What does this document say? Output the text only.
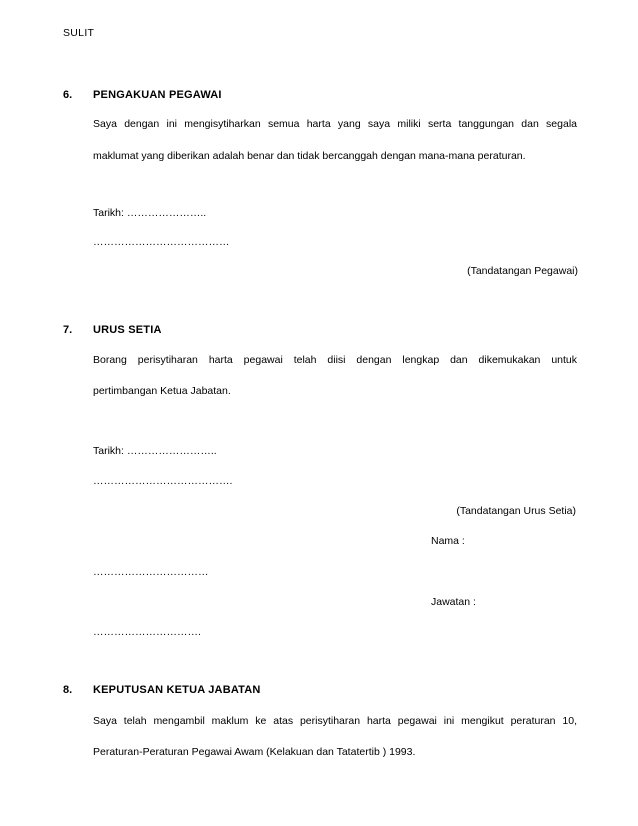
SULIT
6. PENGAKUAN PEGAWAI
Saya dengan ini mengisytiharkan semua harta yang saya miliki serta tanggungan dan segala
maklumat yang diberikan adalah benar dan tidak bercanggah dengan mana-mana peraturan.
Tarikh: …………………..
…………………………………
(Tandatangan Pegawai)
7. URUS SETIA
Borang perisytiharan harta pegawai telah diisi dengan lengkap dan dikemukakan untuk
pertimbangan Ketua Jabatan.
Tarikh: ……………………..
………………………………….
(Tandatangan Urus Setia)
Nama :
……………………………
Jawatan :
………………………….
8. KEPUTUSAN KETUA JABATAN
Saya telah mengambil maklum ke atas perisytiharan harta pegawai ini mengikut peraturan 10,
Peraturan-Peraturan Pegawai Awam (Kelakuan dan Tatatertib ) 1993.
